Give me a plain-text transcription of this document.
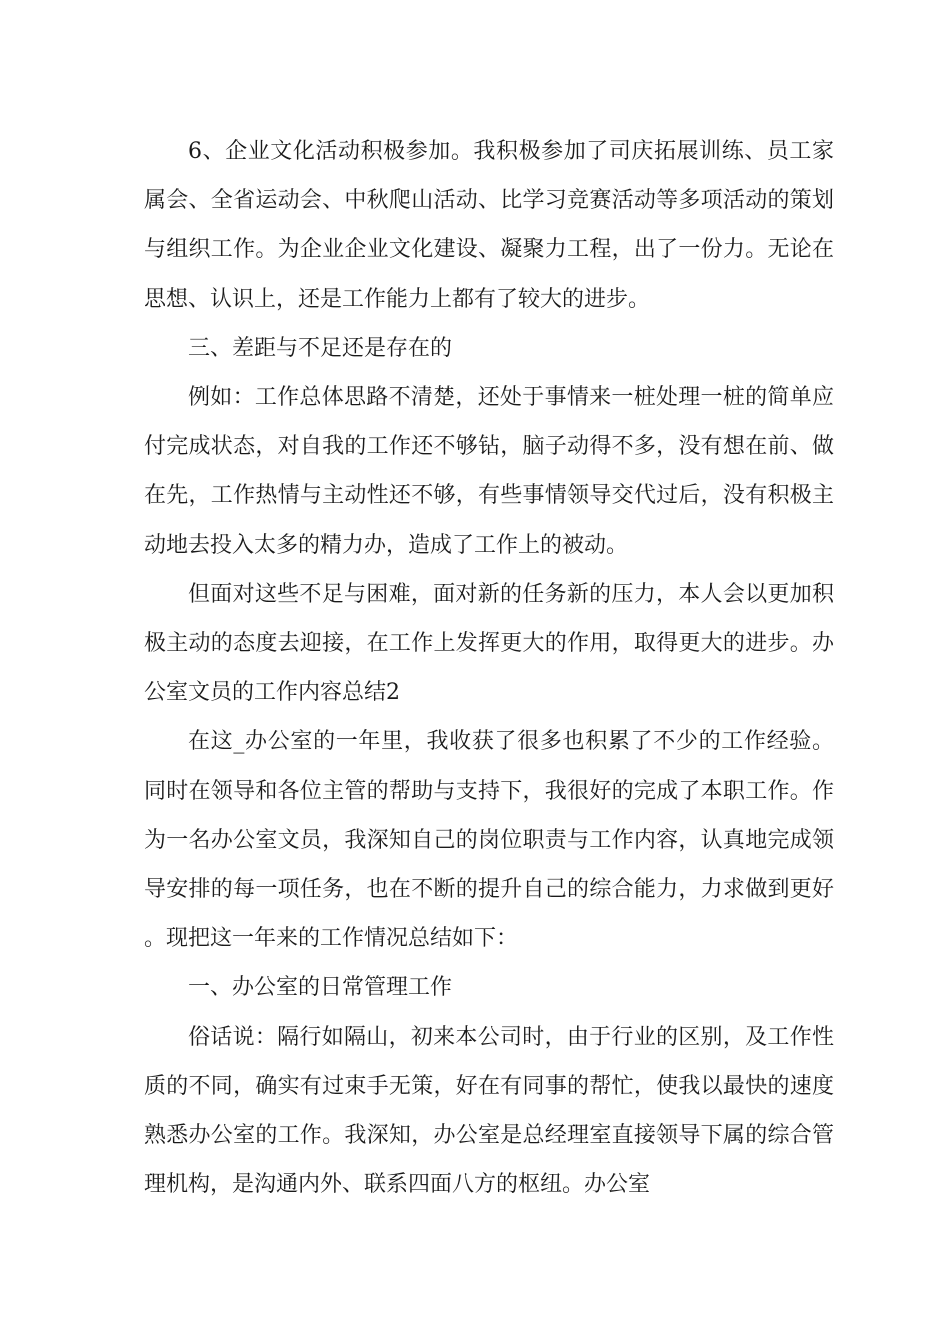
6、企业文化活动积极参加。我积极参加了司庆拓展训练、员工家属会、全省运动会、中秋爬山活动、比学习竞赛活动等多项活动的策划与组织工作。为企业企业文化建设、凝聚力工程，出了一份力。无论在思想、认识上，还是工作能力上都有了较大的进步。

三、差距与不足还是存在的

例如：工作总体思路不清楚，还处于事情来一桩处理一桩的简单应付完成状态，对自我的工作还不够钻，脑子动得不多，没有想在前、做在先，工作热情与主动性还不够，有些事情领导交代过后，没有积极主动地去投入太多的精力办，造成了工作上的被动。

但面对这些不足与困难，面对新的任务新的压力，本人会以更加积极主动的态度去迎接，在工作上发挥更大的作用，取得更大的进步。办公室文员的工作内容总结2

在这_办公室的一年里，我收获了很多也积累了不少的工作经验。同时在领导和各位主管的帮助与支持下，我很好的完成了本职工作。作为一名办公室文员，我深知自己的岗位职责与工作内容，认真地完成领导安排的每一项任务，也在不断的提升自己的综合能力，力求做到更好。现把这一年来的工作情况总结如下：

一、办公室的日常管理工作

俗话说：隔行如隔山，初来本公司时，由于行业的区别，及工作性质的不同，确实有过束手无策，好在有同事的帮忙，使我以最快的速度熟悉办公室的工作。我深知，办公室是总经理室直接领导下属的综合管理机构，是沟通内外、联系四面八方的枢纽。办公室
